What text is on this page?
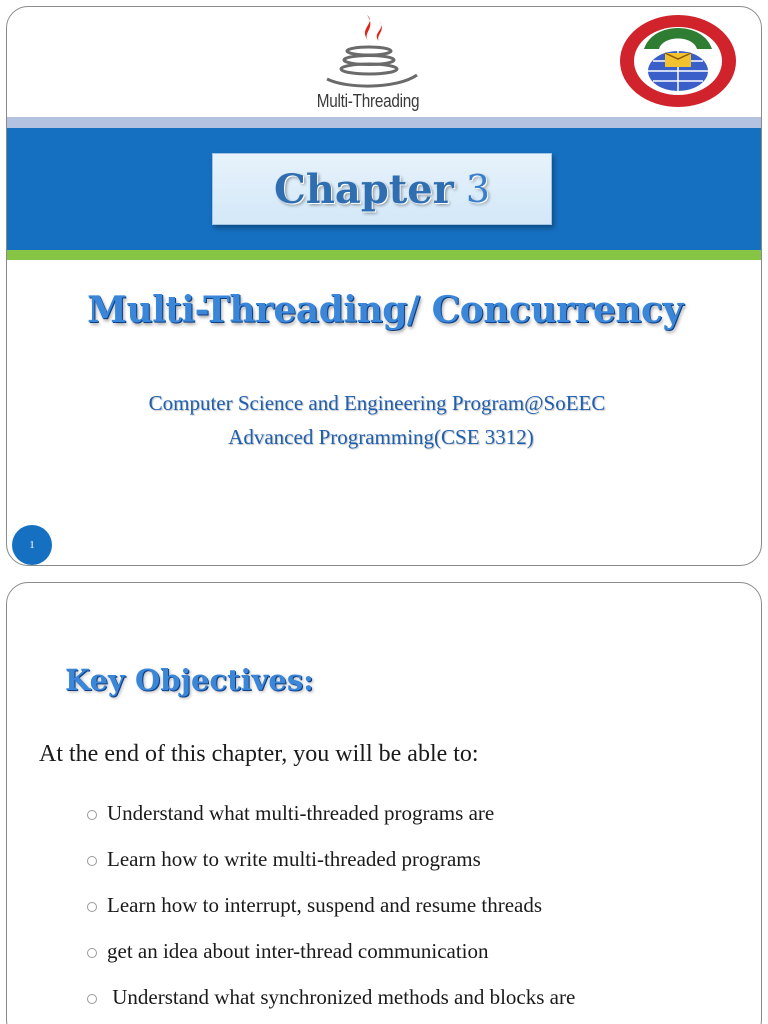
Multi-Threading
Chapter 3
Multi-Threading/ Concurrency
Computer Science and Engineering Program@SoEEC
Advanced Programming(CSE 3312)
1
Key Objectives:
At the end of this chapter, you will be able to:
Understand what multi-threaded programs are
Learn how to write multi-threaded programs
Learn how to interrupt, suspend and resume threads
get an idea about inter-thread communication
Understand what synchronized methods and blocks are
